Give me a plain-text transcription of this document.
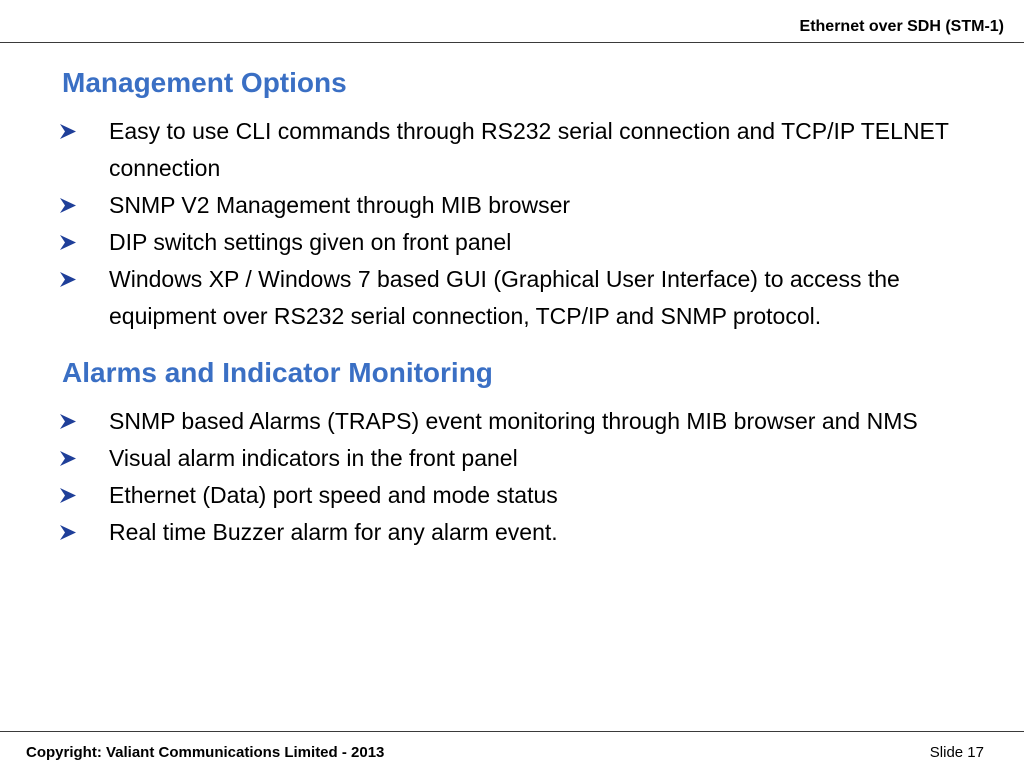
Ethernet over SDH (STM-1)
Management Options
Easy to use CLI commands through RS232 serial connection and TCP/IP TELNET connection
SNMP V2 Management through MIB browser
DIP switch settings given on front panel
Windows XP / Windows 7 based GUI (Graphical User Interface) to access the equipment over RS232 serial connection, TCP/IP and SNMP protocol.
Alarms and Indicator Monitoring
SNMP based Alarms (TRAPS) event monitoring through MIB browser and NMS
Visual alarm indicators in the front panel
Ethernet (Data) port speed and mode status
Real time Buzzer alarm for any alarm event.
Copyright: Valiant Communications Limited - 2013	Slide 17
